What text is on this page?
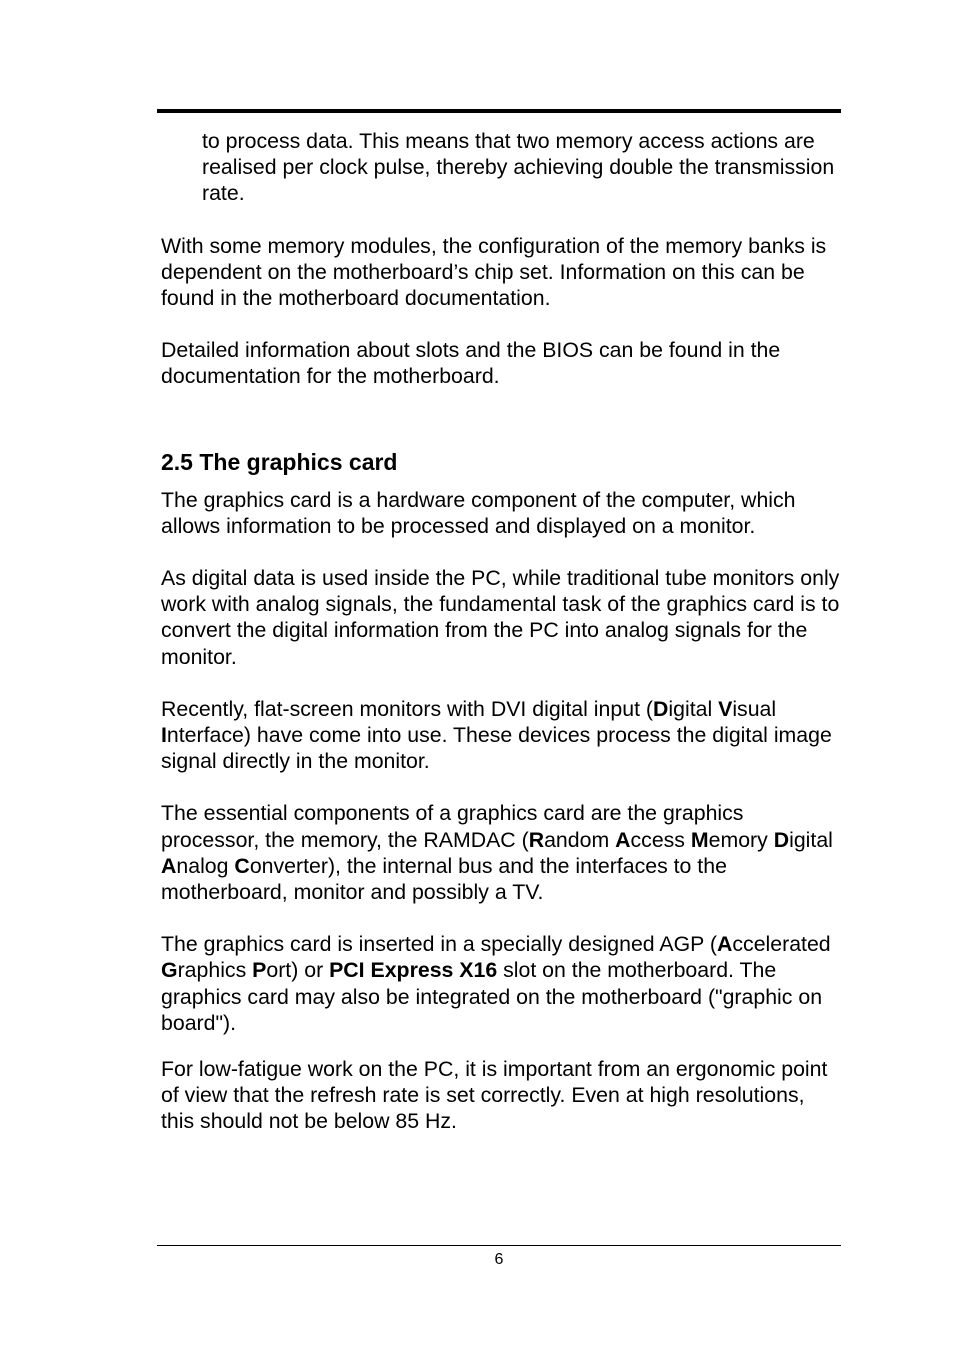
to process data. This means that two memory access actions are realised per clock pulse, thereby achieving double the transmission rate.

With some memory modules, the configuration of the memory banks is dependent on the motherboard’s chip set. Information on this can be found in the motherboard documentation.

Detailed information about slots and the BIOS can be found in the documentation for the motherboard.

2.5 The graphics card

The graphics card is a hardware component of the computer, which allows information to be processed and displayed on a monitor.

As digital data is used inside the PC, while traditional tube monitors only work with analog signals, the fundamental task of the graphics card is to convert the digital information from the PC into analog signals for the monitor.

Recently, flat-screen monitors with DVI digital input (Digital Visual Interface) have come into use. These devices process the digital image signal directly in the monitor.

The essential components of a graphics card are the graphics processor, the memory, the RAMDAC (Random Access Memory Digital Analog Converter), the internal bus and the interfaces to the motherboard, monitor and possibly a TV.

The graphics card is inserted in a specially designed AGP (Accelerated Graphics Port) or PCI Express X16 slot on the motherboard. The graphics card may also be integrated on the motherboard ("graphic on board").

For low-fatigue work on the PC, it is important from an ergonomic point of view that the refresh rate is set correctly. Even at high resolutions, this should not be below 85 Hz.

6
